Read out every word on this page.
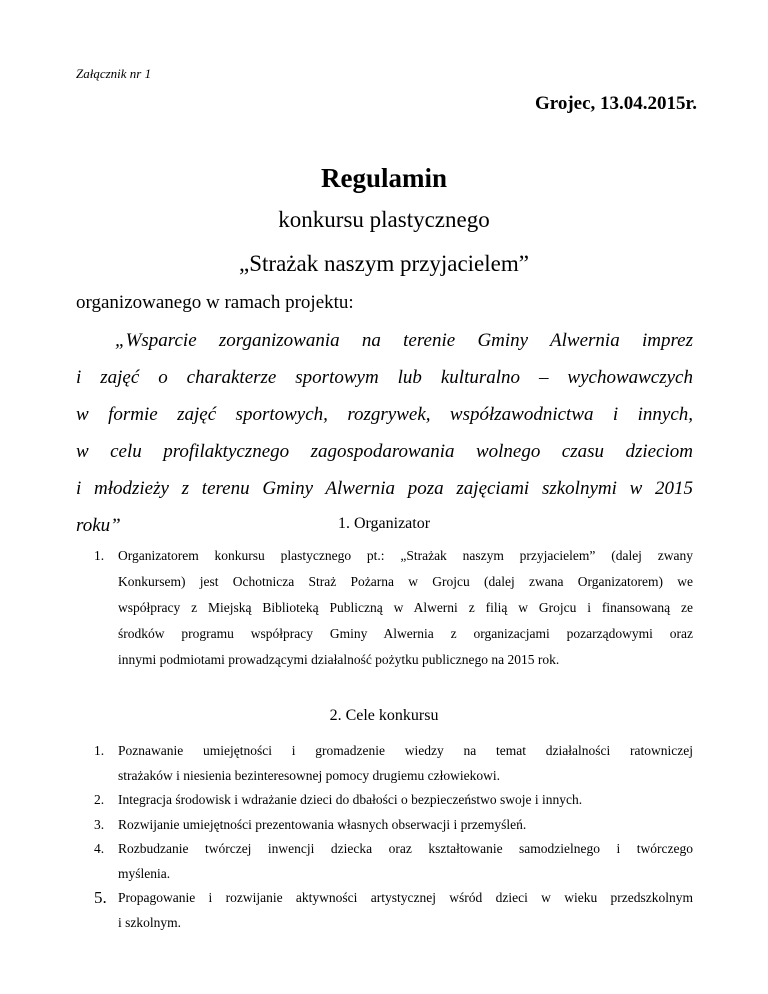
Załącznik nr 1
Grojec, 13.04.2015r.
Regulamin
konkursu plastycznego
„Strażak naszym przyjacielem”
organizowanego w ramach projektu:
„Wsparcie zorganizowania na terenie Gminy Alwernia imprez
i zajęć o charakterze sportowym lub kulturalno – wychowawczych
w formie zajęć sportowych, rozgrywek, współzawodnictwa i innych,
w celu profilaktycznego zagospodarowania wolnego czasu dzieciom
i młodzieży z terenu Gminy Alwernia poza zajęciami szkolnymi w 2015
roku”	1. Organizator
1. Organizatorem konkursu plastycznego pt.: „Strażak naszym przyjacielem” (dalej zwany
Konkursem) jest Ochotnicza Straż Pożarna w Grojcu (dalej zwana Organizatorem) we
współpracy z Miejską Biblioteką Publiczną w Alwerni z filią w Grojcu i finansowaną ze
środków programu współpracy Gminy Alwernia z organizacjami pozarządowymi oraz
innymi podmiotami prowadzącymi działalność pożytku publicznego na 2015 rok.
2. Cele konkursu
1. Poznawanie umiejętności i gromadzenie wiedzy na temat działalności ratowniczej
strażaków i niesienia bezinteresownej pomocy drugiemu człowiekowi.
2. Integracja środowisk i wdrażanie dzieci do dbałości o bezpieczeństwo swoje i innych.
3. Rozwijanie umiejętności prezentowania własnych obserwacji i przemyśleń.
4. Rozbudzanie twórczej inwencji dziecka oraz kształtowanie samodzielnego i twórczego
myślenia.
5. Propagowanie i rozwijanie aktywności artystycznej wśród dzieci w wieku przedszkolnym
i szkolnym.
